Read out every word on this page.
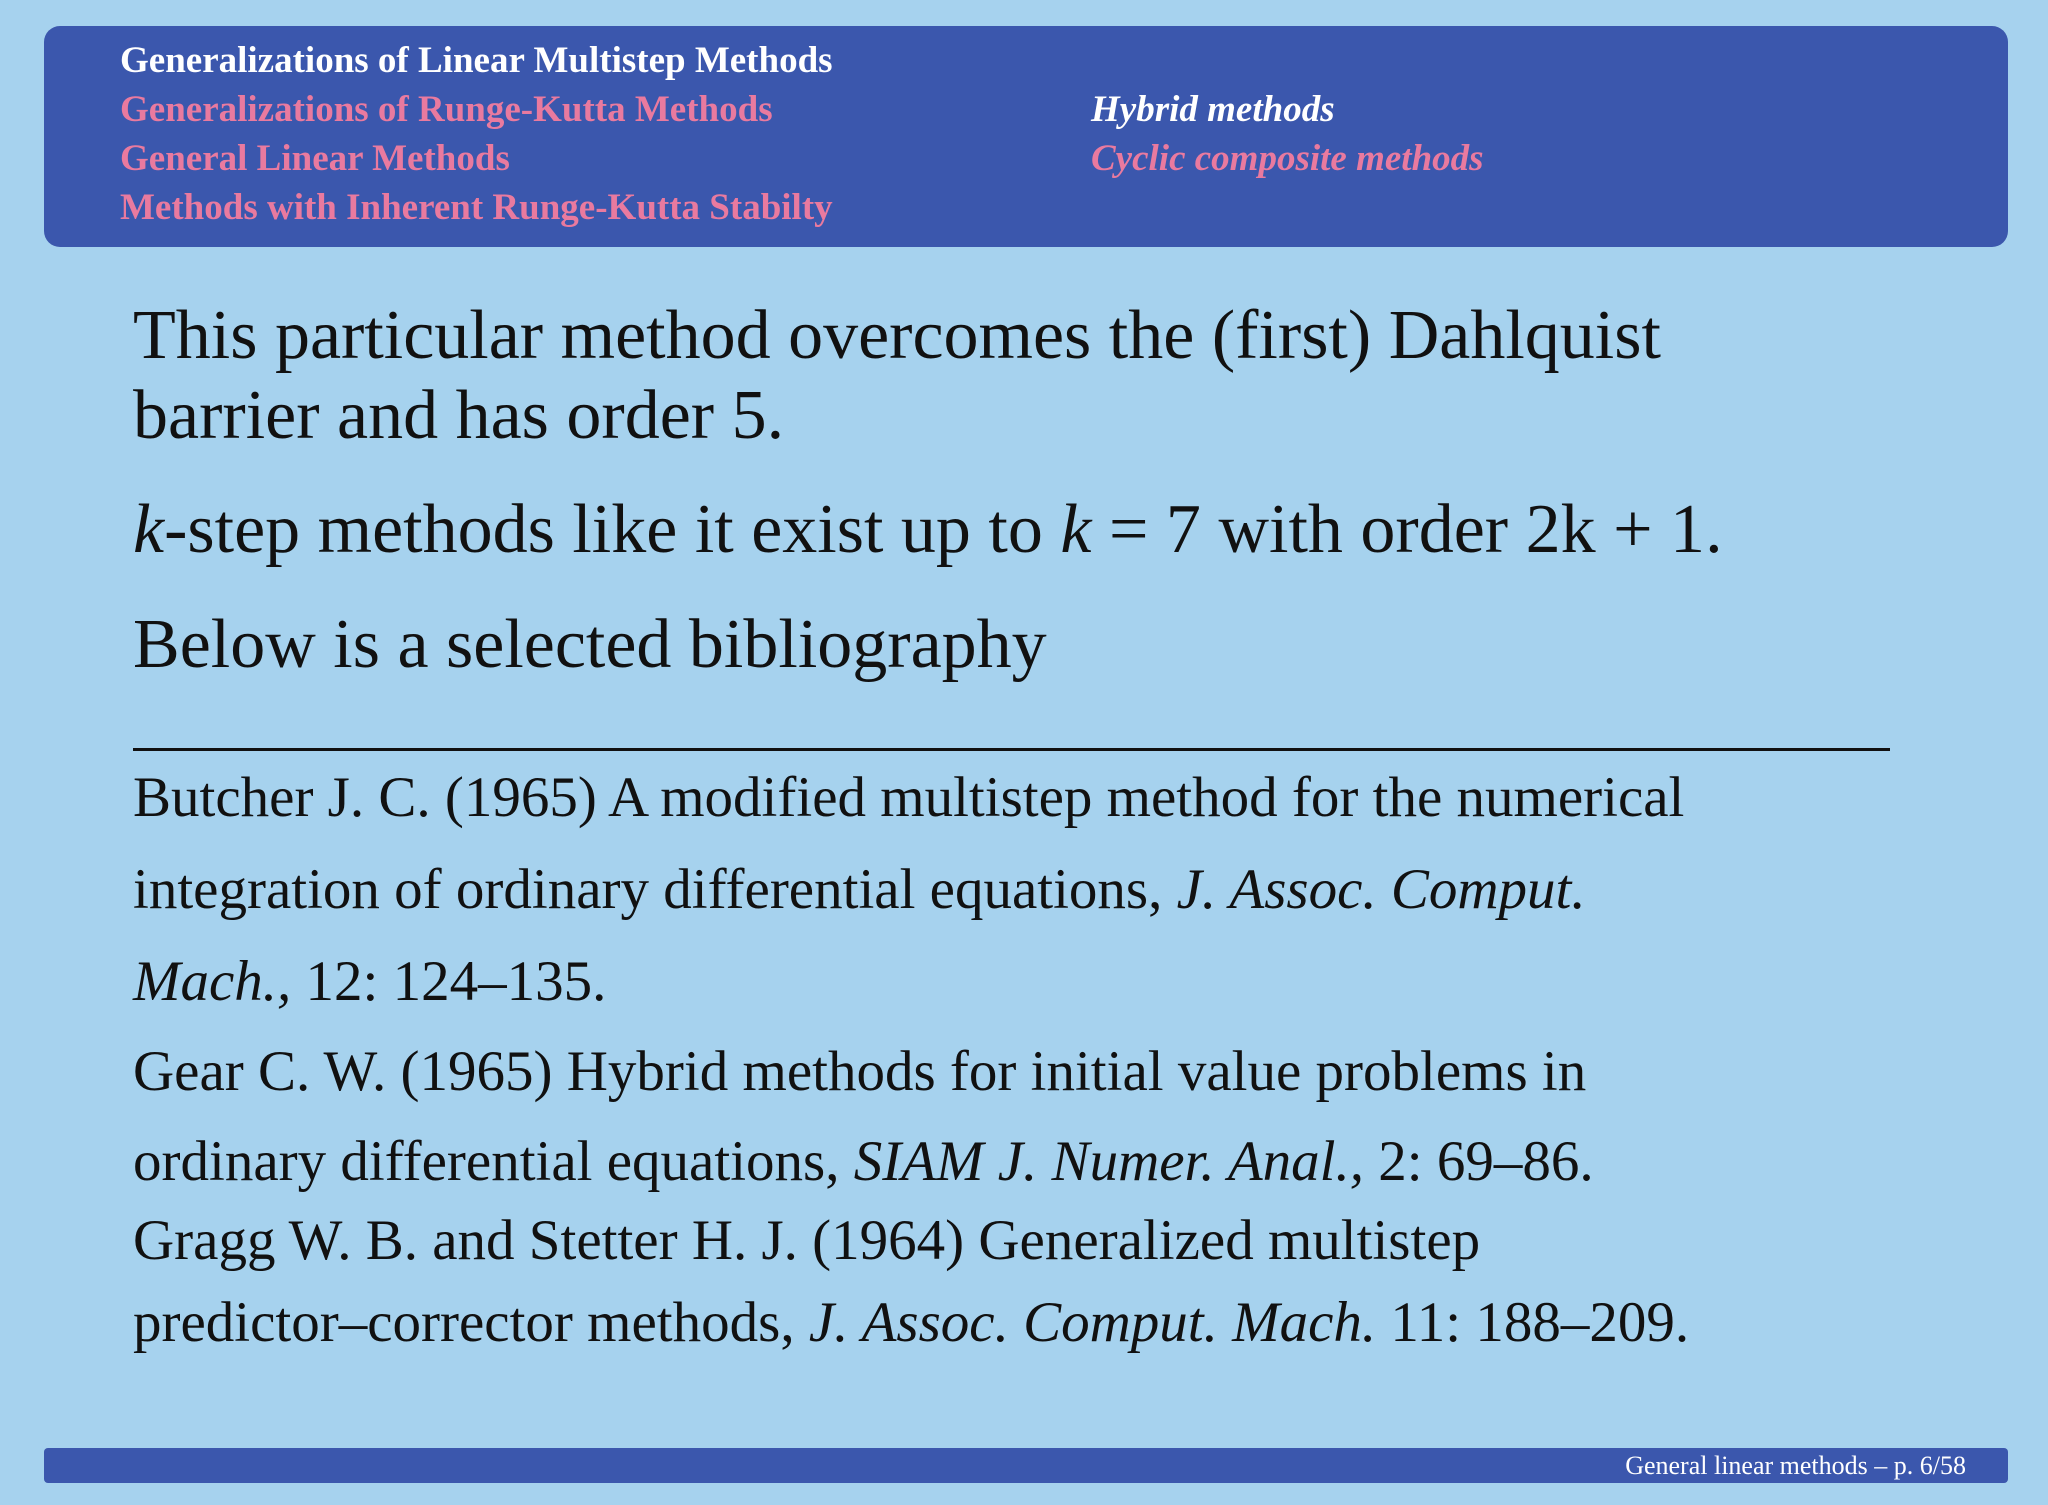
Generalizations of Linear Multistep Methods
Generalizations of Runge-Kutta Methods
General Linear Methods
Methods with Inherent Runge-Kutta Stabilty
Hybrid methods
Cyclic composite methods
This particular method overcomes the (first) Dahlquist
barrier and has order 5.
k-step methods like it exist up to k = 7 with order 2k + 1.
Below is a selected bibliography
Butcher J. C. (1965) A modified multistep method for the numerical
integration of ordinary differential equations, J. Assoc. Comput.
Mach., 12: 124–135.
Gear C. W. (1965) Hybrid methods for initial value problems in
ordinary differential equations, SIAM J. Numer. Anal., 2: 69–86.
Gragg W. B. and Stetter H. J. (1964) Generalized multistep
predictor–corrector methods, J. Assoc. Comput. Mach. 11: 188–209.
General linear methods – p. 6/58
